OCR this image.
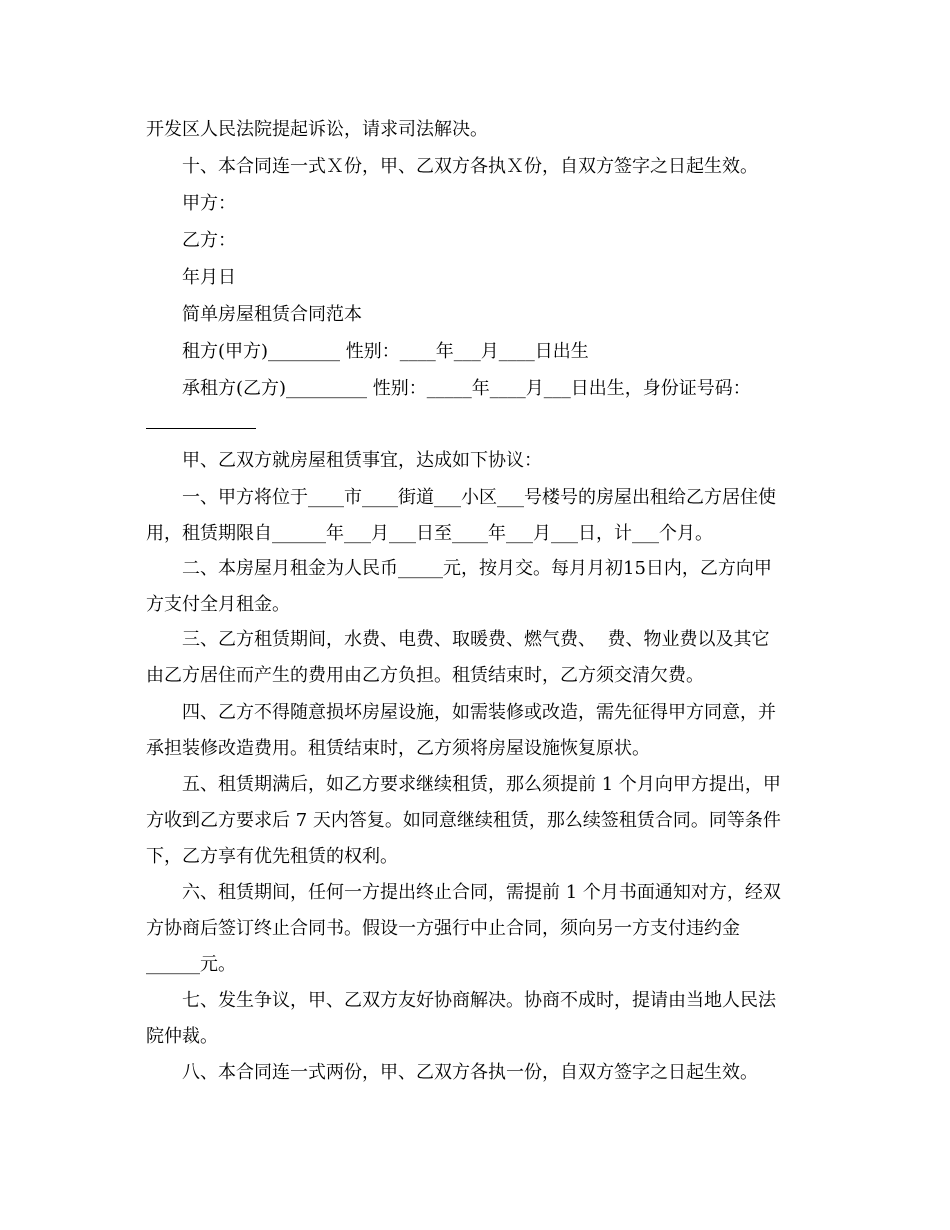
开发区人民法院提起诉讼，请求司法解决。
十、本合同连一式Ｘ份，甲、乙双方各执Ｘ份，自双方签字之日起生效。
甲方：
乙方：
年月日
简单房屋租赁合同范本
租方(甲方)________ 性别：____年___月____日出生
承租方(乙方)_________ 性别：_____年____月___日出生，身份证号码：
甲、乙双方就房屋租赁事宜，达成如下协议：
一、甲方将位于____市____街道___小区___号楼号的房屋出租给乙方居住使
用，租赁期限自______年___月___日至____年___月___日，计___个月。
二、本房屋月租金为人民币_____元，按月交。每月月初15日内，乙方向甲
方支付全月租金。
三、乙方租赁期间，水费、电费、取暖费、燃气费、  费、物业费以及其它
由乙方居住而产生的费用由乙方负担。租赁结束时，乙方须交清欠费。
四、乙方不得随意损坏房屋设施，如需装修或改造，需先征得甲方同意，并
承担装修改造费用。租赁结束时，乙方须将房屋设施恢复原状。
五、租赁期满后，如乙方要求继续租赁，那么须提前 1 个月向甲方提出，甲
方收到乙方要求后 7 天内答复。如同意继续租赁，那么续签租赁合同。同等条件
下，乙方享有优先租赁的权利。
六、租赁期间，任何一方提出终止合同，需提前 1 个月书面通知对方，经双
方协商后签订终止合同书。假设一方强行中止合同，须向另一方支付违约金
______元。
七、发生争议，甲、乙双方友好协商解决。协商不成时，提请由当地人民法
院仲裁。
八、本合同连一式两份，甲、乙双方各执一份，自双方签字之日起生效。
